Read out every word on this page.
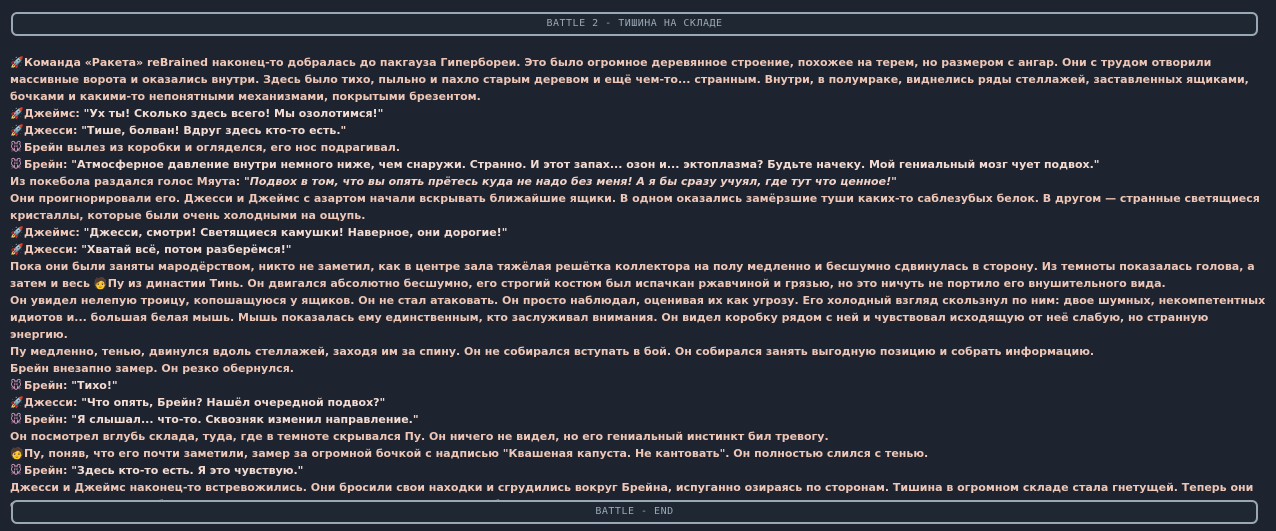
BATTLE 2 - ТИШИНА НА СКЛАДЕ
🚀Команда «Ракета» reBrained наконец-то добралась до пакгауза Гипербореи. Это было огромное деревянное строение, похожее на терем, но размером с ангар. Они с трудом отворили массивные ворота и оказались внутри. Здесь было тихо, пыльно и пахло старым деревом и ещё чем-то... странным. Внутри, в полумраке, виднелись ряды стеллажей, заставленных ящиками, бочками и какими-то непонятными механизмами, покрытыми брезентом.
🚀Джеймс: "Ух ты! Сколько здесь всего! Мы озолотимся!"
🚀Джесси: "Тише, болван! Вдруг здесь кто-то есть."
🐭 Брейн вылез из коробки и огляделся, его нос подрагивал.
🐭 Брейн: "Атмосферное давление внутри немного ниже, чем снаружи. Странно. И этот запах... озон и... эктоплазма? Будьте начеку. Мой гениальный мозг чует подвох."
Из покебола раздался голос Мяута: "Подвох в том, что вы опять прётесь куда не надо без меня! А я бы сразу учуял, где тут что ценное!"
Они проигнорировали его. Джесси и Джеймс с азартом начали вскрывать ближайшие ящики. В одном оказались замёрзшие туши каких-то саблезубых белок. В другом — странные светящиеся кристаллы, которые были очень холодными на ощупь.
🚀Джеймс: "Джесси, смотри! Светящиеся камушки! Наверное, они дорогие!"
🚀Джесси: "Хватай всё, потом разберёмся!"
Пока они были заняты мародёрством, никто не заметил, как в центре зала тяжёлая решётка коллектора на полу медленно и бесшумно сдвинулась в сторону. Из темноты показалась голова, а затем и весь 🧑Пу из династии Тинь. Он двигался абсолютно бесшумно, его строгий костюм был испачкан ржавчиной и грязью, но это ничуть не портило его внушительного вида.
Он увидел нелепую троицу, копошащуюся у ящиков. Он не стал атаковать. Он просто наблюдал, оценивая их как угрозу. Его холодный взгляд скользнул по ним: двое шумных, некомпетентных идиотов и... большая белая мышь. Мышь показалась ему единственным, кто заслуживал внимания. Он видел коробку рядом с ней и чувствовал исходящую от неё слабую, но странную энергию.
Пу медленно, тенью, двинулся вдоль стеллажей, заходя им за спину. Он не собирался вступать в бой. Он собирался занять выгодную позицию и собрать информацию.
Брейн внезапно замер. Он резко обернулся.
🐭 Брейн: "Тихо!"
🚀Джесси: "Что опять, Брейн? Нашёл очередной подвох?"
🐭 Брейн: "Я слышал... что-то. Сквозняк изменил направление."
Он посмотрел вглубь склада, туда, где в темноте скрывался Пу. Он ничего не видел, но его гениальный инстинкт бил тревогу.
🧑Пу, поняв, что его почти заметили, замер за огромной бочкой с надписью "Квашеная капуста. Не кантовать". Он полностью слился с тенью.
🐭 Брейн: "Здесь кто-то есть. Я это чувствую."
Джесси и Джеймс наконец-то встревожились. Они бросили свои находки и сгрудились вокруг Брейна, испуганно озираясь по сторонам. Тишина в огромном складе стала гнетущей. Теперь они
BATTLE - END
